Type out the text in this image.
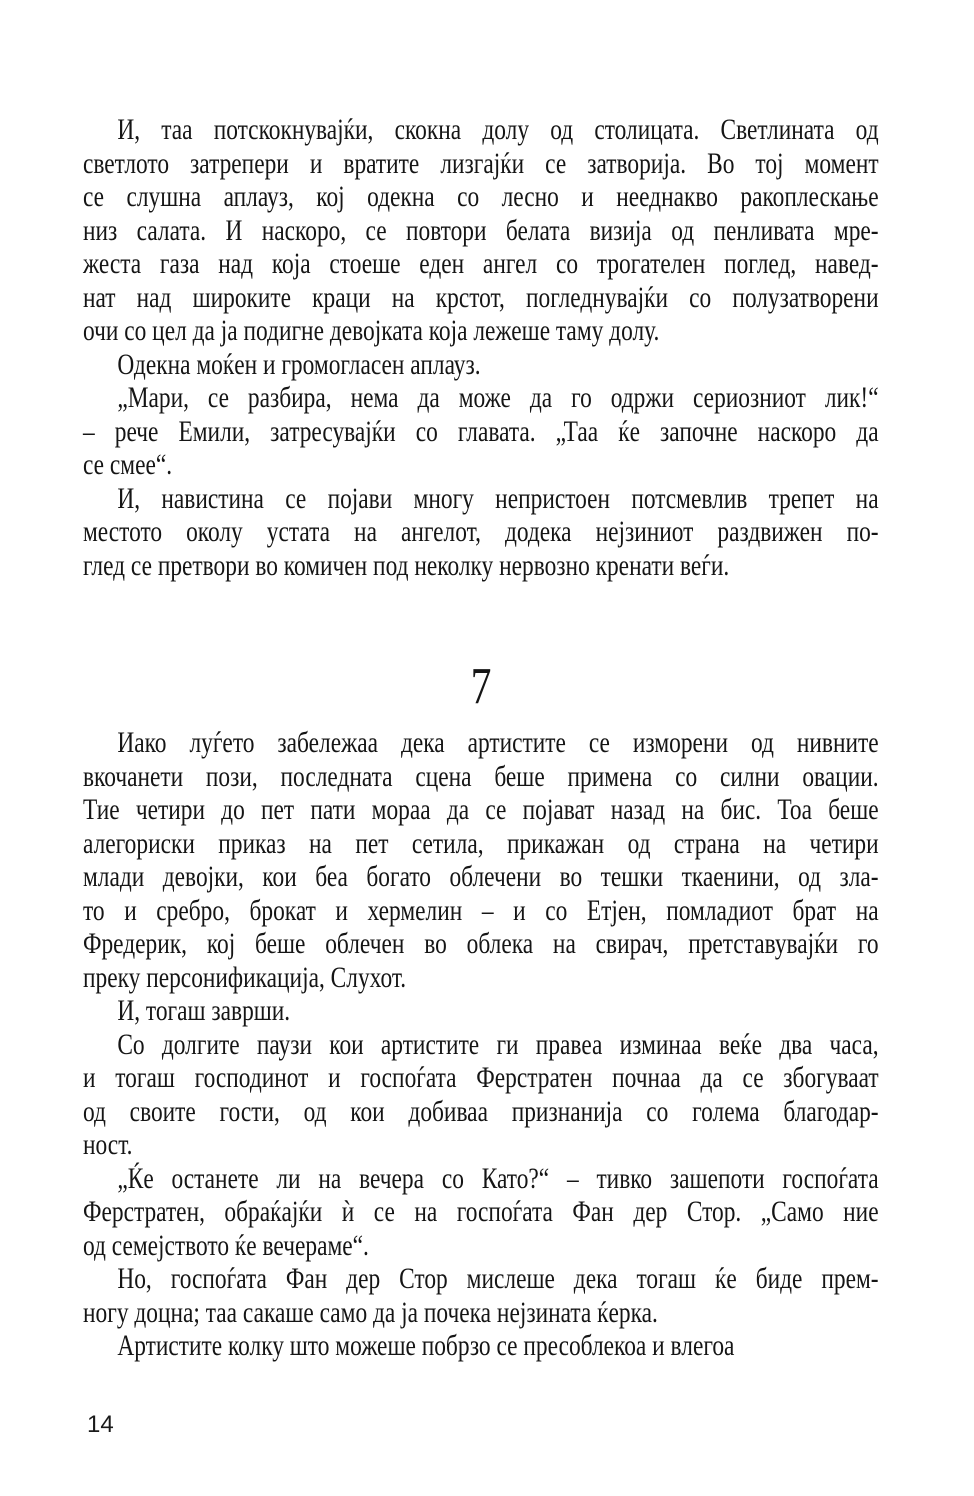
И, таа потскокнувајќи, скокна долу од столицата. Светлината од
светлото затрепери и вратите лизгајќи се затворија. Во тој момент
се слушна аплауз, кој одекна со лесно и нееднакво ракоплескање
низ салата. И наскоро, се повтори белата визија од пенливата мре-
жеста газа над која стоеше еден ангел со трогателен поглед, навед-
нат над широките краци на крстот, погледнувајќи со полузатворени
очи со цел да ја подигне девојката која лежеше таму долу.
Одекна моќен и громогласен аплауз.
„Мари, се разбира, нема да може да го одржи сериозниот лик!“
– рече Емили, затресувајќи со главата. „Таа ќе започне наскоро да
се смее“.
И, навистина се појави многу непристоен потсмевлив трепет на
местото околу устата на ангелот, додека нејзиниот раздвижен по-
глед се претвори во комичен под неколку нервозно кренати веѓи.
7
Иако луѓето забележаа дека артистите се изморени од нивните
вкочанети пози, последната сцена беше примена со силни овации.
Тие четири до пет пати мораа да се појават назад на бис. Тоа беше
алегориски приказ на пет сетила, прикажан од страна на четири
млади девојки, кои беа богато облечени во тешки ткаенини, од зла-
то и сребро, брокат и хермелин – и со Етјен, помладиот брат на
Фредерик, кој беше облечен во облека на свирач, претставувајќи го
преку персонификација, Слухот.
И, тогаш заврши.
Со долгите паузи кои артистите ги правеа изминаа веќе два часа,
и тогаш господинот и госпоѓата Ферстратен почнаа да се збогуваат
од своите гости, од кои добиваа признанија со голема благодар-
ност.
„Ќе останете ли на вечера со Като?“ – тивко зашепоти госпоѓата
Ферстратен, обраќајќи ѝ се на госпоѓата Фан дер Стор. „Само ние
од семејството ќе вечераме“.
Но, госпоѓата Фан дер Стор мислеше дека тогаш ќе биде прем-
ногу доцна; таа сакаше само да ја почека нејзината ќерка.
Артистите колку што можеше побрзо се пресоблекоа и влегоа
14
